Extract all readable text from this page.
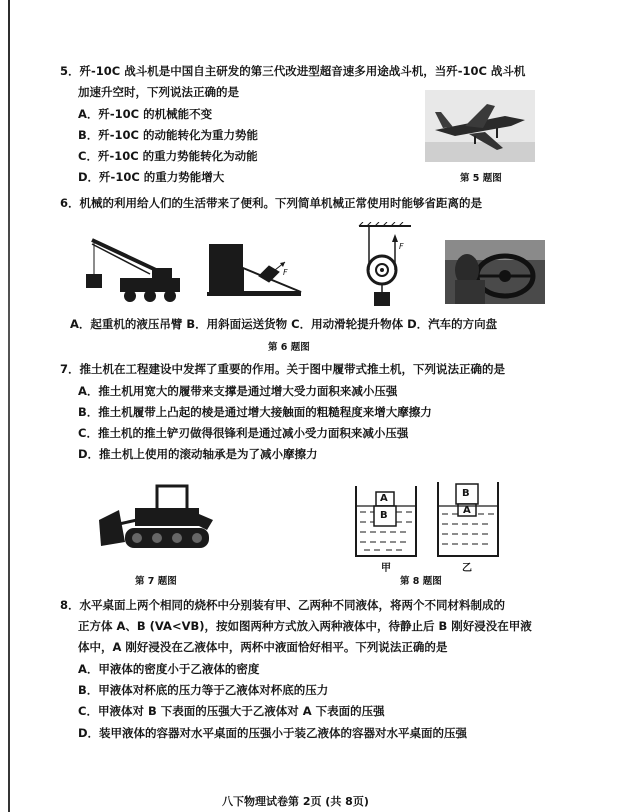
5．歼-10C 战斗机是中国自主研发的第三代改进型超音速多用途战斗机，当歼-10C 战斗机
加速升空时，下列说法正确的是
A．歼-10C 的机械能不变
B．歼-10C 的动能转化为重力势能
C．歼-10C 的重力势能转化为动能
D．歼-10C 的重力势能增大	第 5 题图
6．机械的利用给人们的生活带来了便利。下列简单机械正常使用时能够省距离的是
F
F
A．起重机的液压吊臂 B．用斜面运送货物 C．用动滑轮提升物体 D．汽车的方向盘
第 6 题图
7．推土机在工程建设中发挥了重要的作用。关于图中履带式推土机，下列说法正确的是
A．推土机用宽大的履带来支撑是通过增大受力面积来减小压强
B．推土机履带上凸起的棱是通过增大接触面的粗糙程度来增大摩擦力
C．推土机的推土铲刃做得很锋利是通过减小受力面积来减小压强
D．推土机上使用的滚动轴承是为了减小摩擦力
第 7 题图
A
B
B
A
甲	乙
第 8 题图
8．水平桌面上两个相同的烧杯中分别装有甲、乙两种不同液体，将两个不同材料制成的
正方体 A、B (VA<VB)，按如图两种方式放入两种液体中，待静止后 B 刚好浸没在甲液
体中，A 刚好浸没在乙液体中，两杯中液面恰好相平。下列说法正确的是
A．甲液体的密度小于乙液体的密度
B．甲液体对杯底的压力等于乙液体对杯底的压力
C．甲液体对 B 下表面的压强大于乙液体对 A 下表面的压强
D．装甲液体的容器对水平桌面的压强小于装乙液体的容器对水平桌面的压强
八下物理试卷第 2页 (共 8页)
